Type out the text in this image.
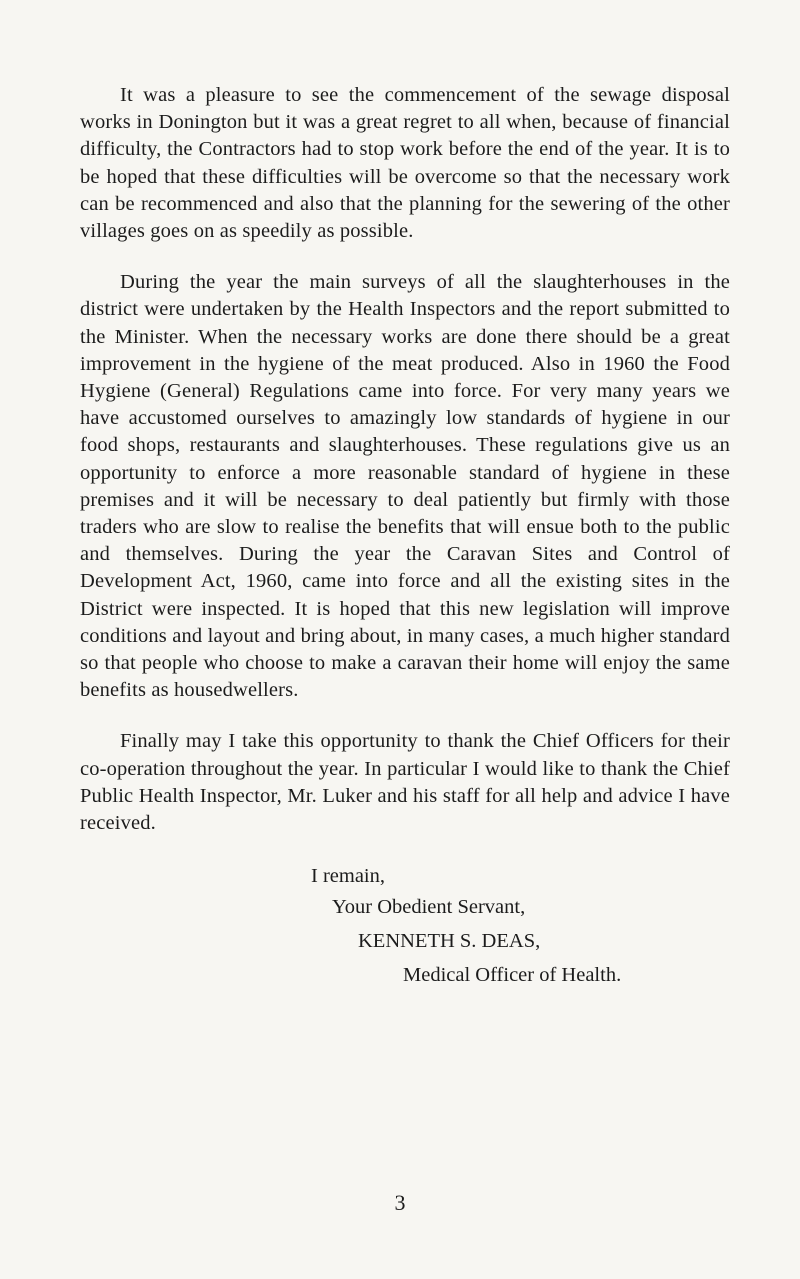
It was a pleasure to see the commencement of the sewage disposal works in Donington but it was a great regret to all when, because of financial difficulty, the Contractors had to stop work before the end of the year. It is to be hoped that these difficulties will be overcome so that the necessary work can be recommenced and also that the planning for the sewering of the other villages goes on as speedily as possible.

During the year the main surveys of all the slaughterhouses in the district were undertaken by the Health Inspectors and the report submitted to the Minister. When the necessary works are done there should be a great improvement in the hygiene of the meat produced. Also in 1960 the Food Hygiene (General) Regulations came into force. For very many years we have accustomed ourselves to amazingly low standards of hygiene in our food shops, restaurants and slaughterhouses. These regulations give us an opportunity to enforce a more reasonable standard of hygiene in these premises and it will be necessary to deal patiently but firmly with those traders who are slow to realise the benefits that will ensue both to the public and themselves. During the year the Caravan Sites and Control of Development Act, 1960, came into force and all the existing sites in the District were inspected. It is hoped that this new legislation will improve conditions and layout and bring about, in many cases, a much higher standard so that people who choose to make a caravan their home will enjoy the same benefits as housedwellers.

Finally may I take this opportunity to thank the Chief Officers for their co-operation throughout the year. In particular I would like to thank the Chief Public Health Inspector, Mr. Luker and his staff for all help and advice I have received.

I remain,
Your Obedient Servant,
KENNETH S. DEAS,
Medical Officer of Health.
3
